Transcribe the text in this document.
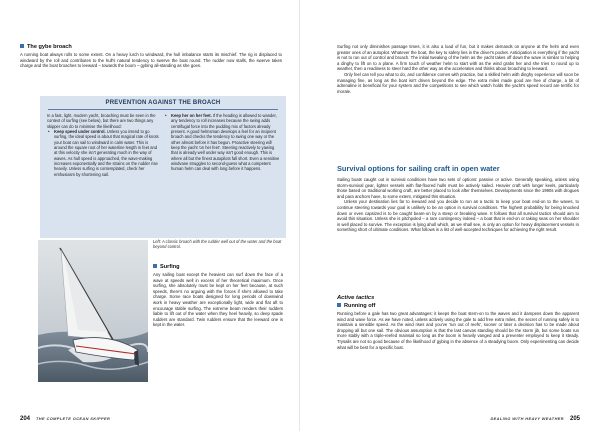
The gybe broach

A running boat always rolls to some extent. On a heavy lurch to windward, the hull imbalance starts its mischief. The rig is displaced to windward by the roll and contributes to the hull's natural tendency to swerve the boat round. The rudder now stalls, the swerve takes charge and the boat broaches to leeward – towards the boom – gybing all-standing as she goes.

PREVENTION AGAINST THE BROACH

In a fast, light, modern yacht, broaching must be seen in the context of surfing (see below), but there are two things any skipper can do to minimise the likelihood:

• Keep speed under control. Unless you intend to go surfing, the ideal speed is about that magical rate of knots your boat can sail to windward in calm water. This is around the square root of her waterline length in feet and at this velocity she isn't generating much in the way of waves. As hull speed is approached, the wave-making increases exponentially and the strains on the rudder rise heavily. Unless surfing is contemplated, check her enthusiasm by shortening sail.

• Keep her on her feet. If the heading is allowed to wander, any tendency to roll increases because the swing adds centrifugal force into the pudding mix of factors already present. A good helmsman develops a feel for an incipient broach and checks the tendency to swing one way or the other almost before it has begun. Proactive steering will keep the yacht 'on her feet'. Steering reactively to yawing that is already well under way isn't good enough. This is where all but the finest autopilots fall short. Even a sensitive windvane struggles to second-guess what a competent human helm can deal with long before it happens.

Left: A classic broach with the rudder well out of the water and the boat beyond control.

Surfing

Any sailing boat except the heaviest can surf down the face of a wave at speeds well in excess of her theoretical maximum. Once surfing, she absolutely must be kept on her feet because, at such speeds, there's no arguing with the forces if she's allowed to take charge. Some race boats designed for long periods of downwind work in heavy weather are exceptionally light, wide and flat aft to encourage stable surfing. The extreme beam renders their rudders liable to lift out of the water when they heel heavily, so deep spade rudders are standard. Twin rudders ensure that the leeward one is kept in the water.

204 THE COMPLETE OCEAN SKIPPER

Surfing not only diminishes passage times, it is also a load of fun, but it makes demands on anyone at the helm and even greater ones of an autopilot. Whatever the boat, the key to safety lies in the driver's pocket. Anticipation is everything if the yacht is not to run out of control and broach. The initial tweaking of the helm as the yacht takes off down the wave is similar to helping a dinghy to lift on to a plane. A firm touch of weather helm to start with as the wind grabs her and she tries to round up to weather, then a readiness to steer hard the other way as she accelerates and thinks about broaching to leeward.

Only feel can tell you what to do, and confidence comes with practice, but a skilled helm with dinghy experience will soon be managing fine, as long as the boat isn't driven beyond the edge. The extra miles made good are free of charge, a bit of adrenaline is beneficial for your system and the competitions to see which watch holds the yacht's speed record are terrific for morale.

Survival options for sailing craft in open water

Sailing boats caught out in survival conditions have two sets of options: passive or active. Generally speaking, unless using storm-survival gear, lighter vessels with flat-floored hulls must be actively sailed. Heavier craft with longer keels, particularly those based on traditional working craft, are better placed to look after themselves. Developments since the 1990s with drogues and para anchors have, to some extent, mitigated this situation.

Unless your destination lies far to leeward and you decide to run as a tactic to keep your boat end-on to the waves, to continue steering towards your goal is unlikely to be an option in survival conditions. The highest probability for being knocked down or even capsized is to be caught beam-on by a steep or breaking wave. It follows that all survival tactics should aim to avoid this situation. Unless she is pitchpoled – a rare contingency indeed – a boat that is end-on or taking seas on her shoulder is well placed to survive. The exception is lying ahull which, as we shall see, is only an option for heavy displacement vessels in something short of ultimate conditions. What follows is a list of well-accepted techniques for achieving the right result.

Active tactics
Running off

Running before a gale has two great advantages: it keeps the boat stern-on to the waves and it dampens down the apparent wind and wave force. As we have noted, unless actively using the gale to add free extra miles, the secret of running safely is to maintain a sensible speed. As the wind rises and you've 'run out of reefs', sooner or later a decision has to be made about dropping all but one sail. The obvious assumption is that the last canvas standing should be the storm jib, but some boats run more stably with a triple-reefed mainsail so long as the boom is heavily vanged and a preventer employed to keep it steady. Trysails are not so good because of the likelihood of gybing in the absence of a steadying boom. Only experimenting can decide what will be best for a specific boat.

DEALING WITH HEAVY WEATHER 205
